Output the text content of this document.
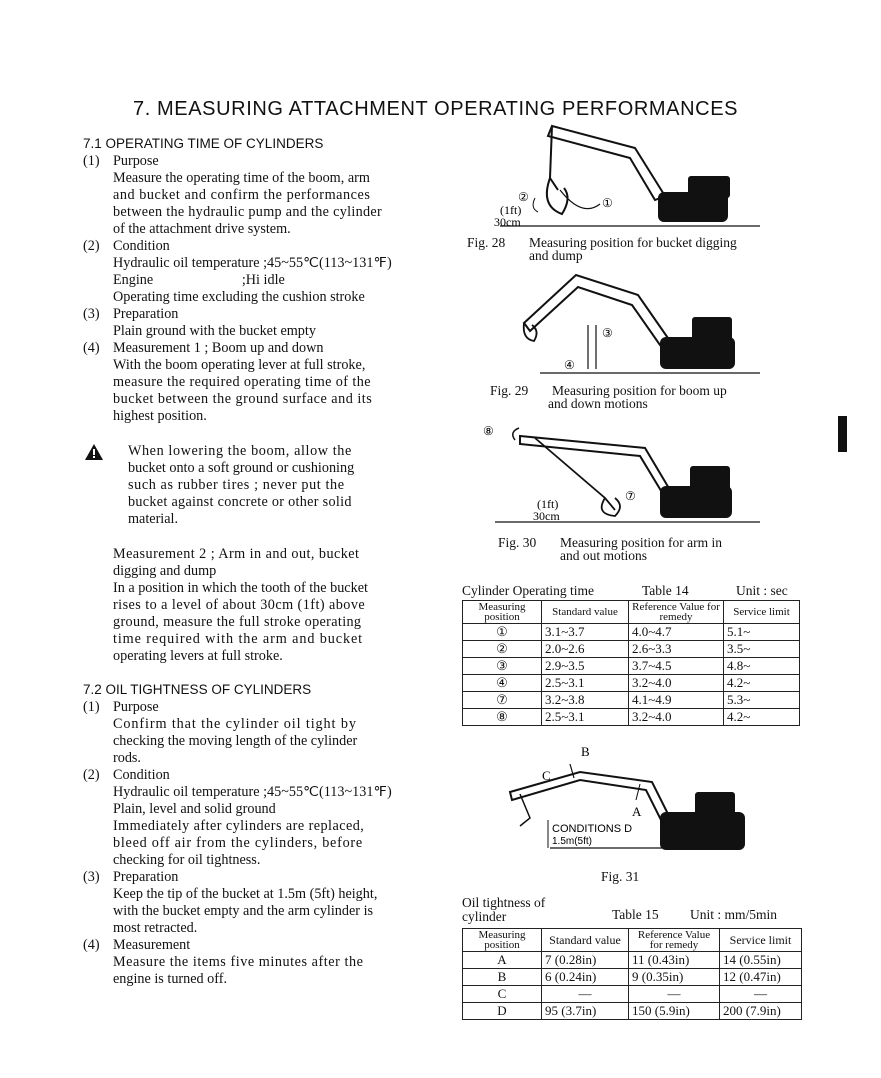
7. MEASURING ATTACHMENT OPERATING PERFORMANCES
7.1 OPERATING TIME OF CYLINDERS
(1) Purpose
Measure the operating time of the boom, arm
and bucket and confirm the performances
between the hydraulic pump and the cylinder
of the attachment drive system.
(2) Condition
Hydraulic oil temperature ;45~55℃(113~131℉)
Engine                         ;Hi idle
Operating time excluding the cushion stroke
(3) Preparation
Plain ground with the bucket empty
(4) Measurement 1 ; Boom up and down
With the boom operating lever at full stroke,
measure the required operating time of the
bucket between the ground surface and its
highest position.
When lowering the boom, allow the
bucket onto a soft ground or cushioning
such as rubber tires ; never put the
bucket against concrete or other solid
material.
Measurement 2 ; Arm in and out, bucket
digging and dump
In a position in which the tooth of the bucket
rises to a level of about 30cm (1ft) above
ground, measure the full stroke operating
time required with the arm and bucket
operating levers at full stroke.
7.2 OIL TIGHTNESS OF CYLINDERS
(1) Purpose
Confirm that the cylinder oil tight by
checking the moving length of the cylinder
rods.
(2) Condition
Hydraulic oil temperature ;45~55℃(113~131℉)
Plain, level and solid ground
Immediately after cylinders are replaced,
bleed off air from the cylinders, before
checking for oil tightness.
(3) Preparation
Keep the tip of the bucket at 1.5m (5ft) height,
with the bucket empty and the arm cylinder is
most retracted.
(4) Measurement
Measure the items five minutes after the
engine is turned off.
(1ft)
30cm
②	①
Fig. 28 Measuring position for bucket digging
and dump
③
④
Fig. 29 Measuring position for boom up
and down motions
⑧
⑦
(1ft)
30cm
Fig. 30 Measuring position for arm in
and out motions
Cylinder Operating time	Table 14	Unit : sec
Measuring position	Standard value	Reference Value for remedy	Service limit
①	3.1~3.7	4.0~4.7	5.1~
②	2.0~2.6	2.6~3.3	3.5~
③	2.9~3.5	3.7~4.5	4.8~
④	2.5~3.1	3.2~4.0	4.2~
⑦	3.2~3.8	4.1~4.9	5.3~
⑧	2.5~3.1	3.2~4.0	4.2~
B
C
A
CONDITIONS D
1.5m(5ft)
Fig. 31
Oil tightness of
cylinder	Table 15 Unit : mm/5min
Measuring position	Standard value	Reference Value for remedy	Service limit
A	7 (0.28in)	11 (0.43in)	14 (0.55in)
B	6 (0.24in)	9 (0.35in)	12 (0.47in)
C	—	—	—
D	95 (3.7in)	150 (5.9in)	200 (7.9in)
